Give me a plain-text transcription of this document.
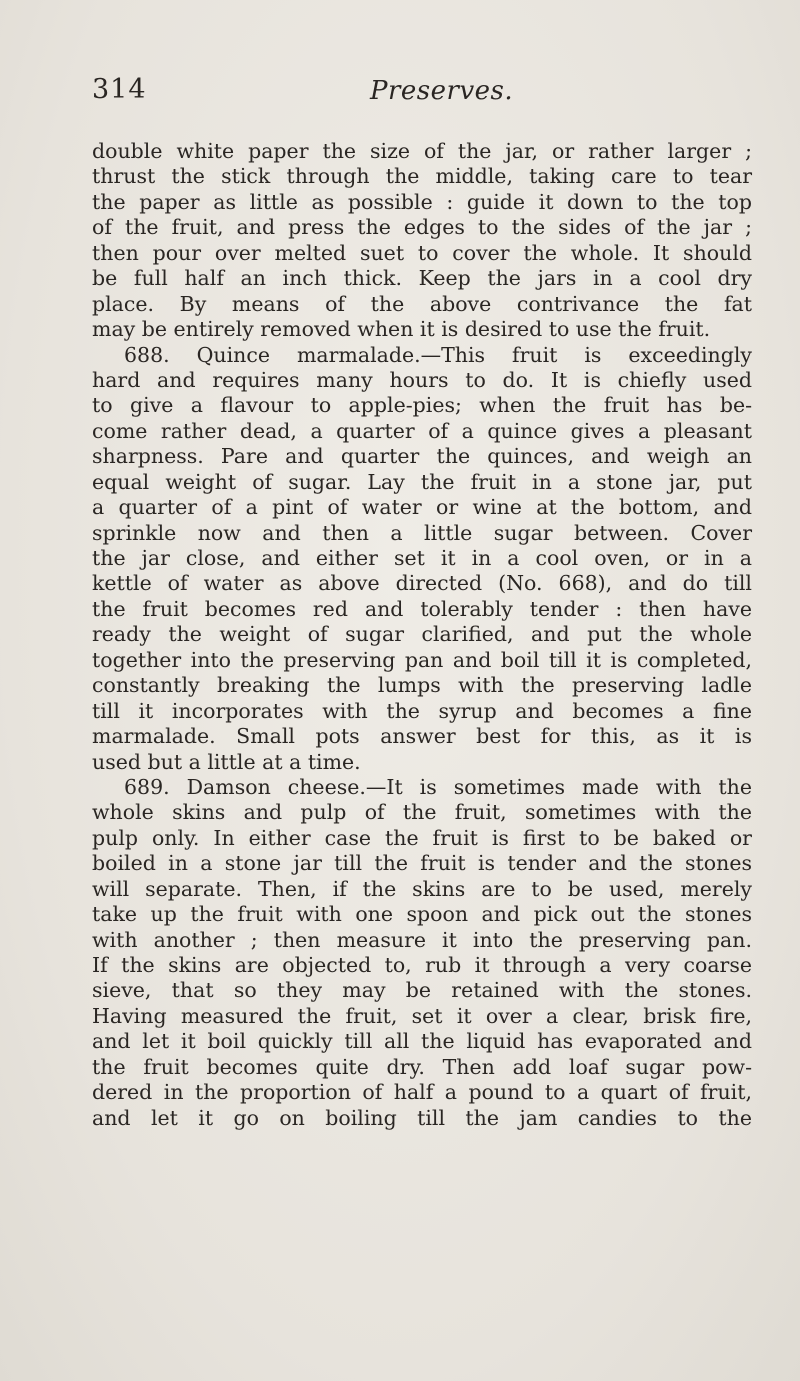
314	Preserves.
double white paper the size of the jar, or rather larger ;
thrust the stick through the middle, taking care to tear
the paper as little as possible : guide it down to the top
of the fruit, and press the edges to the sides of the jar ;
then pour over melted suet to cover the whole. It should
be full half an inch thick. Keep the jars in a cool dry
place. By means of the above contrivance the fat
may be entirely removed when it is desired to use the fruit.
688. Quince marmalade.—This fruit is exceedingly
hard and requires many hours to do. It is chiefly used
to give a flavour to apple-pies; when the fruit has be-
come rather dead, a quarter of a quince gives a pleasant
sharpness. Pare and quarter the quinces, and weigh an
equal weight of sugar. Lay the fruit in a stone jar, put
a quarter of a pint of water or wine at the bottom, and
sprinkle now and then a little sugar between. Cover
the jar close, and either set it in a cool oven, or in a
kettle of water as above directed (No. 668), and do till
the fruit becomes red and tolerably tender : then have
ready the weight of sugar clarified, and put the whole
together into the preserving pan and boil till it is completed,
constantly breaking the lumps with the preserving ladle
till it incorporates with the syrup and becomes a fine
marmalade. Small pots answer best for this, as it is
used but a little at a time.
689. Damson cheese.—It is sometimes made with the
whole skins and pulp of the fruit, sometimes with the
pulp only. In either case the fruit is first to be baked or
boiled in a stone jar till the fruit is tender and the stones
will separate. Then, if the skins are to be used, merely
take up the fruit with one spoon and pick out the stones
with another ; then measure it into the preserving pan.
If the skins are objected to, rub it through a very coarse
sieve, that so they may be retained with the stones.
Having measured the fruit, set it over a clear, brisk fire,
and let it boil quickly till all the liquid has evaporated and
the fruit becomes quite dry. Then add loaf sugar pow-
dered in the proportion of half a pound to a quart of fruit,
and let it go on boiling till the jam candies to the
